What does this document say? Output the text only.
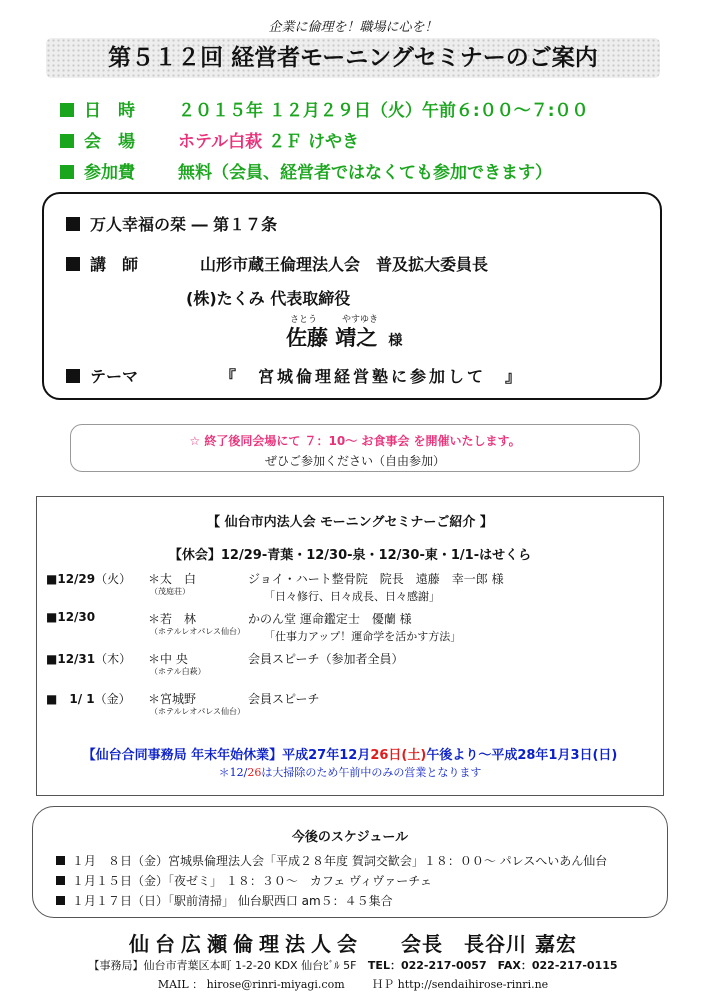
企業に倫理を！職場に心を！
第５１２回 経営者モーニングセミナーのご案内
日　時	２０１５年 １２月２９日（火）午前６:００～７:００
会　場	ホテル白萩 ２Ｆ けやき
参加費	無料（会員、経営者ではなくても参加できます）
万人幸福の栞 ― 第１７条
講　師	山形市蔵王倫理法人会　普及拡大委員長
(株)たくみ 代表取締役
さとう	やすゆき
佐藤 靖之 様
テーマ	『　宮城倫理経営塾に参加して　』
☆ 終了後同会場にて ７：10～ お食事会 を開催いたします。
ぜひご参加ください（自由参加）
【 仙台市内法人会 モーニングセミナーご紹介 】
【休会】12/29-青葉・12/30-泉・12/30-東・1/1-はせくら
■12/29（火） ＊太　白
（茂庭荘）
ジョイ・ハート整骨院　院長　遠藤　幸一郎 様
「日々修行、日々成長、日々感謝」
■12/30	＊若　林
（ホテルレオパレス仙台）
かのん堂 運命鑑定士　優蘭 様
「仕事力アップ！運命学を活かす方法」
■12/31（木） ＊中 央
（ホテル白萩）
会員スピーチ（参加者全員）
■　1/ 1（金） ＊宮城野
（ホテルレオパレス仙台）
会員スピーチ
【仙台合同事務局 年末年始休業】平成27年12月26日(土)午後より～平成28年1月3日(日)
＊12/26は大掃除のため午前中のみの営業となります
今後のスケジュール
１月　８日（金）宮城県倫理法人会「平成２８年度 賀詞交歓会」１８：００～ パレスへいあん仙台
１月１５日（金）「夜ゼミ」 １８：３０～　カフェ ヴィヴァーチェ
１月１７日（日）「駅前清掃」 仙台駅西口 am５：４５集合
仙台広瀬倫理法人会 会長　長谷川 嘉宏
【事務局】仙台市青葉区本町 1-2-20 KDX 仙台ﾋﾞﾙ 5F TEL：022-217-0057　FAX：022-217-0115
MAIL ： hirose@rinri-miyagi.com	ＨＰ http://sendaihirose-rinri.ne
